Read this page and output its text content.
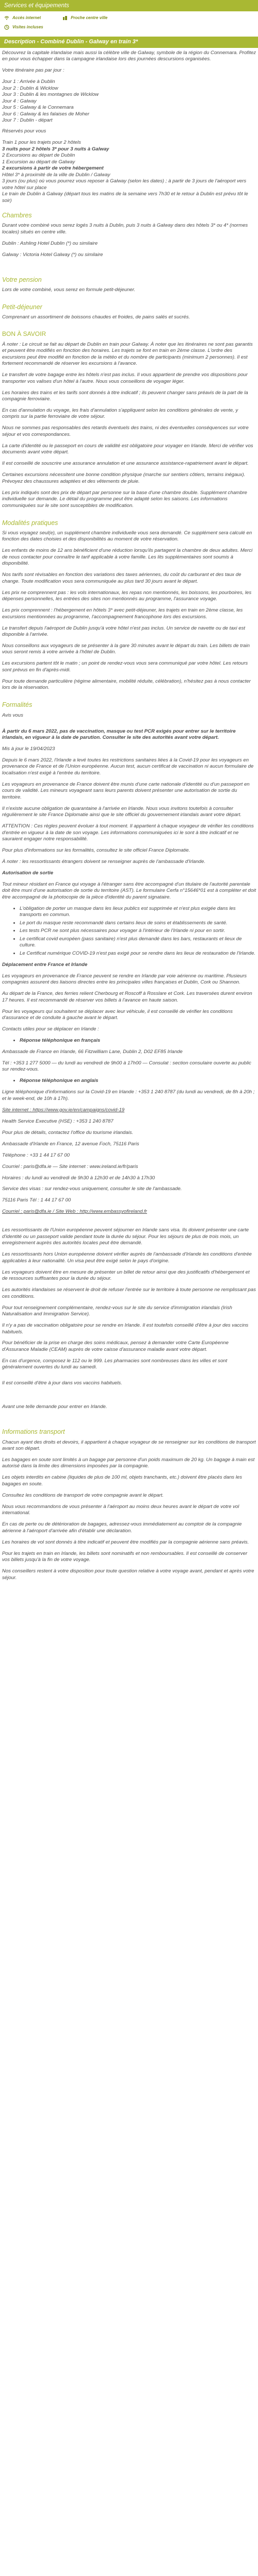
Services et équipements
Accès internet	Proche centre ville
Visites incluses
Description - Combiné Dublin - Galway en train 3*

Découvrez la capitale irlandaise mais aussi la célèbre ville de Galway, symbole de la région du Connemara. Profitez en pour vous échapper dans la campagne irlandaise lors des journées descursions organisées.

Votre itinéraire pas par jour :

Jour 1 : Arrivée à Dublin
Jour 2 : Dublin & Wicklow
Jour 3 : Dublin & les montagnes de Wicklow
Jour 4 : Galway
Jour 5 : Galway & le Connemara
Jour 6 : Galway & les falaises de Moher
Jour 7 : Dublin - départ

Réservés pour vous

Train 1 pour les trajets pour 2 hôtels
3 nuits pour 2 hôtels 3* pour 3 nuits à Galway
2 Excursions au départ de Dublin
1 Excursion au départ de Galway
2 excursions à partir de votre hébergement
Hôtel 3* à proximité de la ville de Dublin / Galway
3 jours (ou plus) où vous pourrez vous reposer à Galway (selon les dates) ; à partir de 3 jours de l'aéroport vers votre hôtel sur place
Le train de Dublin à Galway (départ tous les matins de la semaine vers 7h30 et le retour à Dublin est prévu tôt le soir)
Chambres

Durant votre combiné vous serez logés 3 nuits à Dublin, puis 3 nuits à Galway dans des hôtels 3* ou 4* (normes locales) situés en centre ville.

Dublin : Ashling Hotel Dublin (*) ou similaire

Galway : Victoria Hotel Galway (*) ou similaire

Votre pension

Lors de votre combiné, vous serez en formule petit-déjeuner.

Petit-déjeuner

Comprenant un assortiment de boissons chaudes et froides, de pains salés et sucrés.

BON À SAVOIR

À noter : Le circuit se fait au départ de Dublin en train pour Galway. À noter que les itinéraires ne sont pas garantis et peuvent être modifiés en fonction des horaires. Les trajets se font en train en 2ème classe. L'ordre des excursions peut être modifié en fonction de la météo et du nombre de participants (minimum 2 personnes). Il est fortement recommandé de réserver les excursions à l'avance.

Le transfert de votre bagage entre les hôtels n'est pas inclus. Il vous appartient de prendre vos dispositions pour transporter vos valises d'un hôtel à l'autre. Nous vous conseillons de voyager léger.

Les horaires des trains et les tarifs sont donnés à titre indicatif ; ils peuvent changer sans préavis de la part de la compagnie ferroviaire.

En cas d'annulation du voyage, les frais d'annulation s'appliquent selon les conditions générales de vente, y compris sur la partie ferroviaire de votre séjour.

Nous ne sommes pas responsables des retards éventuels des trains, ni des éventuelles conséquences sur votre séjour et vos correspondances.

La carte d'identité ou le passeport en cours de validité est obligatoire pour voyager en Irlande. Merci de vérifier vos documents avant votre départ.

Il est conseillé de souscrire une assurance annulation et une assurance assistance-rapatriement avant le départ.

Certaines excursions nécessitent une bonne condition physique (marche sur sentiers côtiers, terrains inégaux). Prévoyez des chaussures adaptées et des vêtements de pluie.

Les prix indiqués sont des prix de départ par personne sur la base d'une chambre double. Supplément chambre individuelle sur demande. Le détail du programme peut être adapté selon les saisons. Les informations communiquées sur le site sont susceptibles de modification.

Modalités pratiques

Si vous voyagez seul(e), un supplément chambre individuelle vous sera demandé. Ce supplément sera calculé en fonction des dates choisies et des disponibilités au moment de votre réservation.

Les enfants de moins de 12 ans bénéficient d'une réduction lorsqu'ils partagent la chambre de deux adultes. Merci de nous contacter pour connaître le tarif applicable à votre famille. Les lits supplémentaires sont soumis à disponibilité.

Nos tarifs sont révisables en fonction des variations des taxes aériennes, du coût du carburant et des taux de change. Toute modification vous sera communiquée au plus tard 30 jours avant le départ.

Les prix ne comprennent pas : les vols internationaux, les repas non mentionnés, les boissons, les pourboires, les dépenses personnelles, les entrées des sites non mentionnés au programme, l'assurance voyage.

Les prix comprennent : l'hébergement en hôtels 3* avec petit-déjeuner, les trajets en train en 2ème classe, les excursions mentionnées au programme, l'accompagnement francophone lors des excursions.

Le transfert depuis l'aéroport de Dublin jusqu'à votre hôtel n'est pas inclus. Un service de navette ou de taxi est disponible à l'arrivée.

Nous conseillons aux voyageurs de se présenter à la gare 30 minutes avant le départ du train. Les billets de train vous seront remis à votre arrivée à l'hôtel de Dublin.

Les excursions partent tôt le matin ; un point de rendez-vous vous sera communiqué par votre hôtel. Les retours sont prévus en fin d'après-midi.

Pour toute demande particulière (régime alimentaire, mobilité réduite, célébration), n'hésitez pas à nous contacter lors de la réservation.

Formalités

Avis vous

À partir du 6 mars 2022, pas de vaccination, masque ou test PCR exigés pour entrer sur le territoire irlandais, en vigueur à la date de parution. Consulter le site des autorités avant votre départ.

Mis à jour le 19/04/2023

Depuis le 6 mars 2022, l'Irlande a levé toutes les restrictions sanitaires liées à la Covid-19 pour les voyageurs en provenance de France et de l'Union européenne. Aucun test, aucun certificat de vaccination ni aucun formulaire de localisation n'est exigé à l'entrée du territoire.

Les voyageurs en provenance de France doivent être munis d'une carte nationale d'identité ou d'un passeport en cours de validité. Les mineurs voyageant sans leurs parents doivent présenter une autorisation de sortie du territoire.

Il n'existe aucune obligation de quarantaine à l'arrivée en Irlande. Nous vous invitons toutefois à consulter régulièrement le site France Diplomatie ainsi que le site officiel du gouvernement irlandais avant votre départ.

ATTENTION : Ces règles peuvent évoluer à tout moment. Il appartient à chaque voyageur de vérifier les conditions d'entrée en vigueur à la date de son voyage. Les informations communiquées ici le sont à titre indicatif et ne sauraient engager notre responsabilité.

Pour plus d'informations sur les formalités, consultez le site officiel France Diplomatie.

À noter : les ressortissants étrangers doivent se renseigner auprès de l'ambassade d'Irlande.

Autorisation de sortie

Tout mineur résidant en France qui voyage à l'étranger sans être accompagné d'un titulaire de l'autorité parentale doit être muni d'une autorisation de sortie du territoire (AST). Le formulaire Cerfa n°15646*01 est à compléter et doit être accompagné de la photocopie de la pièce d'identité du parent signataire.

• L'obligation de porter un masque dans les lieux publics est supprimée et n'est plus exigée dans les transports en commun.
• Le port du masque reste recommandé dans certains lieux de soins et établissements de santé.
• Les tests PCR ne sont plus nécessaires pour voyager à l'intérieur de l'Irlande ni pour en sortir.
• Le certificat covid européen (pass sanitaire) n'est plus demandé dans les bars, restaurants et lieux de culture.
• Le Certificat numérique COVID-19 n'est pas exigé pour se rendre dans les lieux de restauration de l'Irlande.

Déplacement entre France et Irlande

Les voyageurs en provenance de France peuvent se rendre en Irlande par voie aérienne ou maritime. Plusieurs compagnies assurent des liaisons directes entre les principales villes françaises et Dublin, Cork ou Shannon.

Au départ de la France, des ferries relient Cherbourg et Roscoff à Rosslare et Cork. Les traversées durent environ 17 heures. Il est recommandé de réserver vos billets à l'avance en haute saison.

Pour les voyageurs qui souhaitent se déplacer avec leur véhicule, il est conseillé de vérifier les conditions d'assurance et de conduite à gauche avant le départ.

Contacts utiles pour se déplacer en Irlande :

• Réponse téléphonique en français

Ambassade de France en Irlande, 66 Fitzwilliam Lane, Dublin 2, D02 EF85 Irlande

Tél : +353 1 277 5000 — du lundi au vendredi de 9h00 à 17h00 — Consulat : section consulaire ouverte au public sur rendez-vous.

• Réponse téléphonique en anglais

Ligne téléphonique d'informations sur la Covid-19 en Irlande : +353 1 240 8787 (du lundi au vendredi, de 8h à 20h ; et le week-end, de 10h à 17h).

Site internet : https://www.gov.ie/en/campaigns/covid-19

Health Service Executive (HSE) : +353 1 240 8787

Pour plus de détails, contactez l'office du tourisme irlandais.

Ambassade d'Irlande en France, 12 avenue Foch, 75116 Paris

Téléphone : +33 1 44 17 67 00

Courriel : paris@dfa.ie — Site internet : www.ireland.ie/fr/paris

Horaires : du lundi au vendredi de 9h30 à 12h30 et de 14h30 à 17h30

Service des visas : sur rendez-vous uniquement, consulter le site de l'ambassade.

75116 Paris Tél : 1 44 17 67 00

Courriel : paris@dfa.ie / Site Web : http://www.embassyofireland.fr

Les ressortissants de l'Union européenne peuvent séjourner en Irlande sans visa. Ils doivent présenter une carte d'identité ou un passeport valide pendant toute la durée du séjour. Pour les séjours de plus de trois mois, un enregistrement auprès des autorités locales peut être demandé.

Les ressortissants hors Union européenne doivent vérifier auprès de l'ambassade d'Irlande les conditions d'entrée applicables à leur nationalité. Un visa peut être exigé selon le pays d'origine.

Les voyageurs doivent être en mesure de présenter un billet de retour ainsi que des justificatifs d'hébergement et de ressources suffisantes pour la durée du séjour.

Les autorités irlandaises se réservent le droit de refuser l'entrée sur le territoire à toute personne ne remplissant pas ces conditions.

Pour tout renseignement complémentaire, rendez-vous sur le site du service d'immigration irlandais (Irish Naturalisation and Immigration Service).

Il n'y a pas de vaccination obligatoire pour se rendre en Irlande. Il est toutefois conseillé d'être à jour des vaccins habituels.

Pour bénéficier de la prise en charge des soins médicaux, pensez à demander votre Carte Européenne d'Assurance Maladie (CEAM) auprès de votre caisse d'assurance maladie avant votre départ.

En cas d'urgence, composez le 112 ou le 999. Les pharmacies sont nombreuses dans les villes et sont généralement ouvertes du lundi au samedi.

Il est conseillé d'être à jour dans vos vaccins habituels.

Avant une telle demande pour entrer en Irlande.

Informations transport

Chacun ayant des droits et devoirs, il appartient à chaque voyageur de se renseigner sur les conditions de transport avant son départ.

Les bagages en soute sont limités à un bagage par personne d'un poids maximum de 20 kg. Un bagage à main est autorisé dans la limite des dimensions imposées par la compagnie.

Les objets interdits en cabine (liquides de plus de 100 ml, objets tranchants, etc.) doivent être placés dans les bagages en soute.

Consultez les conditions de transport de votre compagnie avant le départ.

Nous vous recommandons de vous présenter à l'aéroport au moins deux heures avant le départ de votre vol international.

En cas de perte ou de détérioration de bagages, adressez-vous immédiatement au comptoir de la compagnie aérienne à l'aéroport d'arrivée afin d'établir une déclaration.

Les horaires de vol sont donnés à titre indicatif et peuvent être modifiés par la compagnie aérienne sans préavis.

Pour les trajets en train en Irlande, les billets sont nominatifs et non remboursables. Il est conseillé de conserver vos billets jusqu'à la fin de votre voyage.

Nos conseillers restent à votre disposition pour toute question relative à votre voyage avant, pendant et après votre séjour.
